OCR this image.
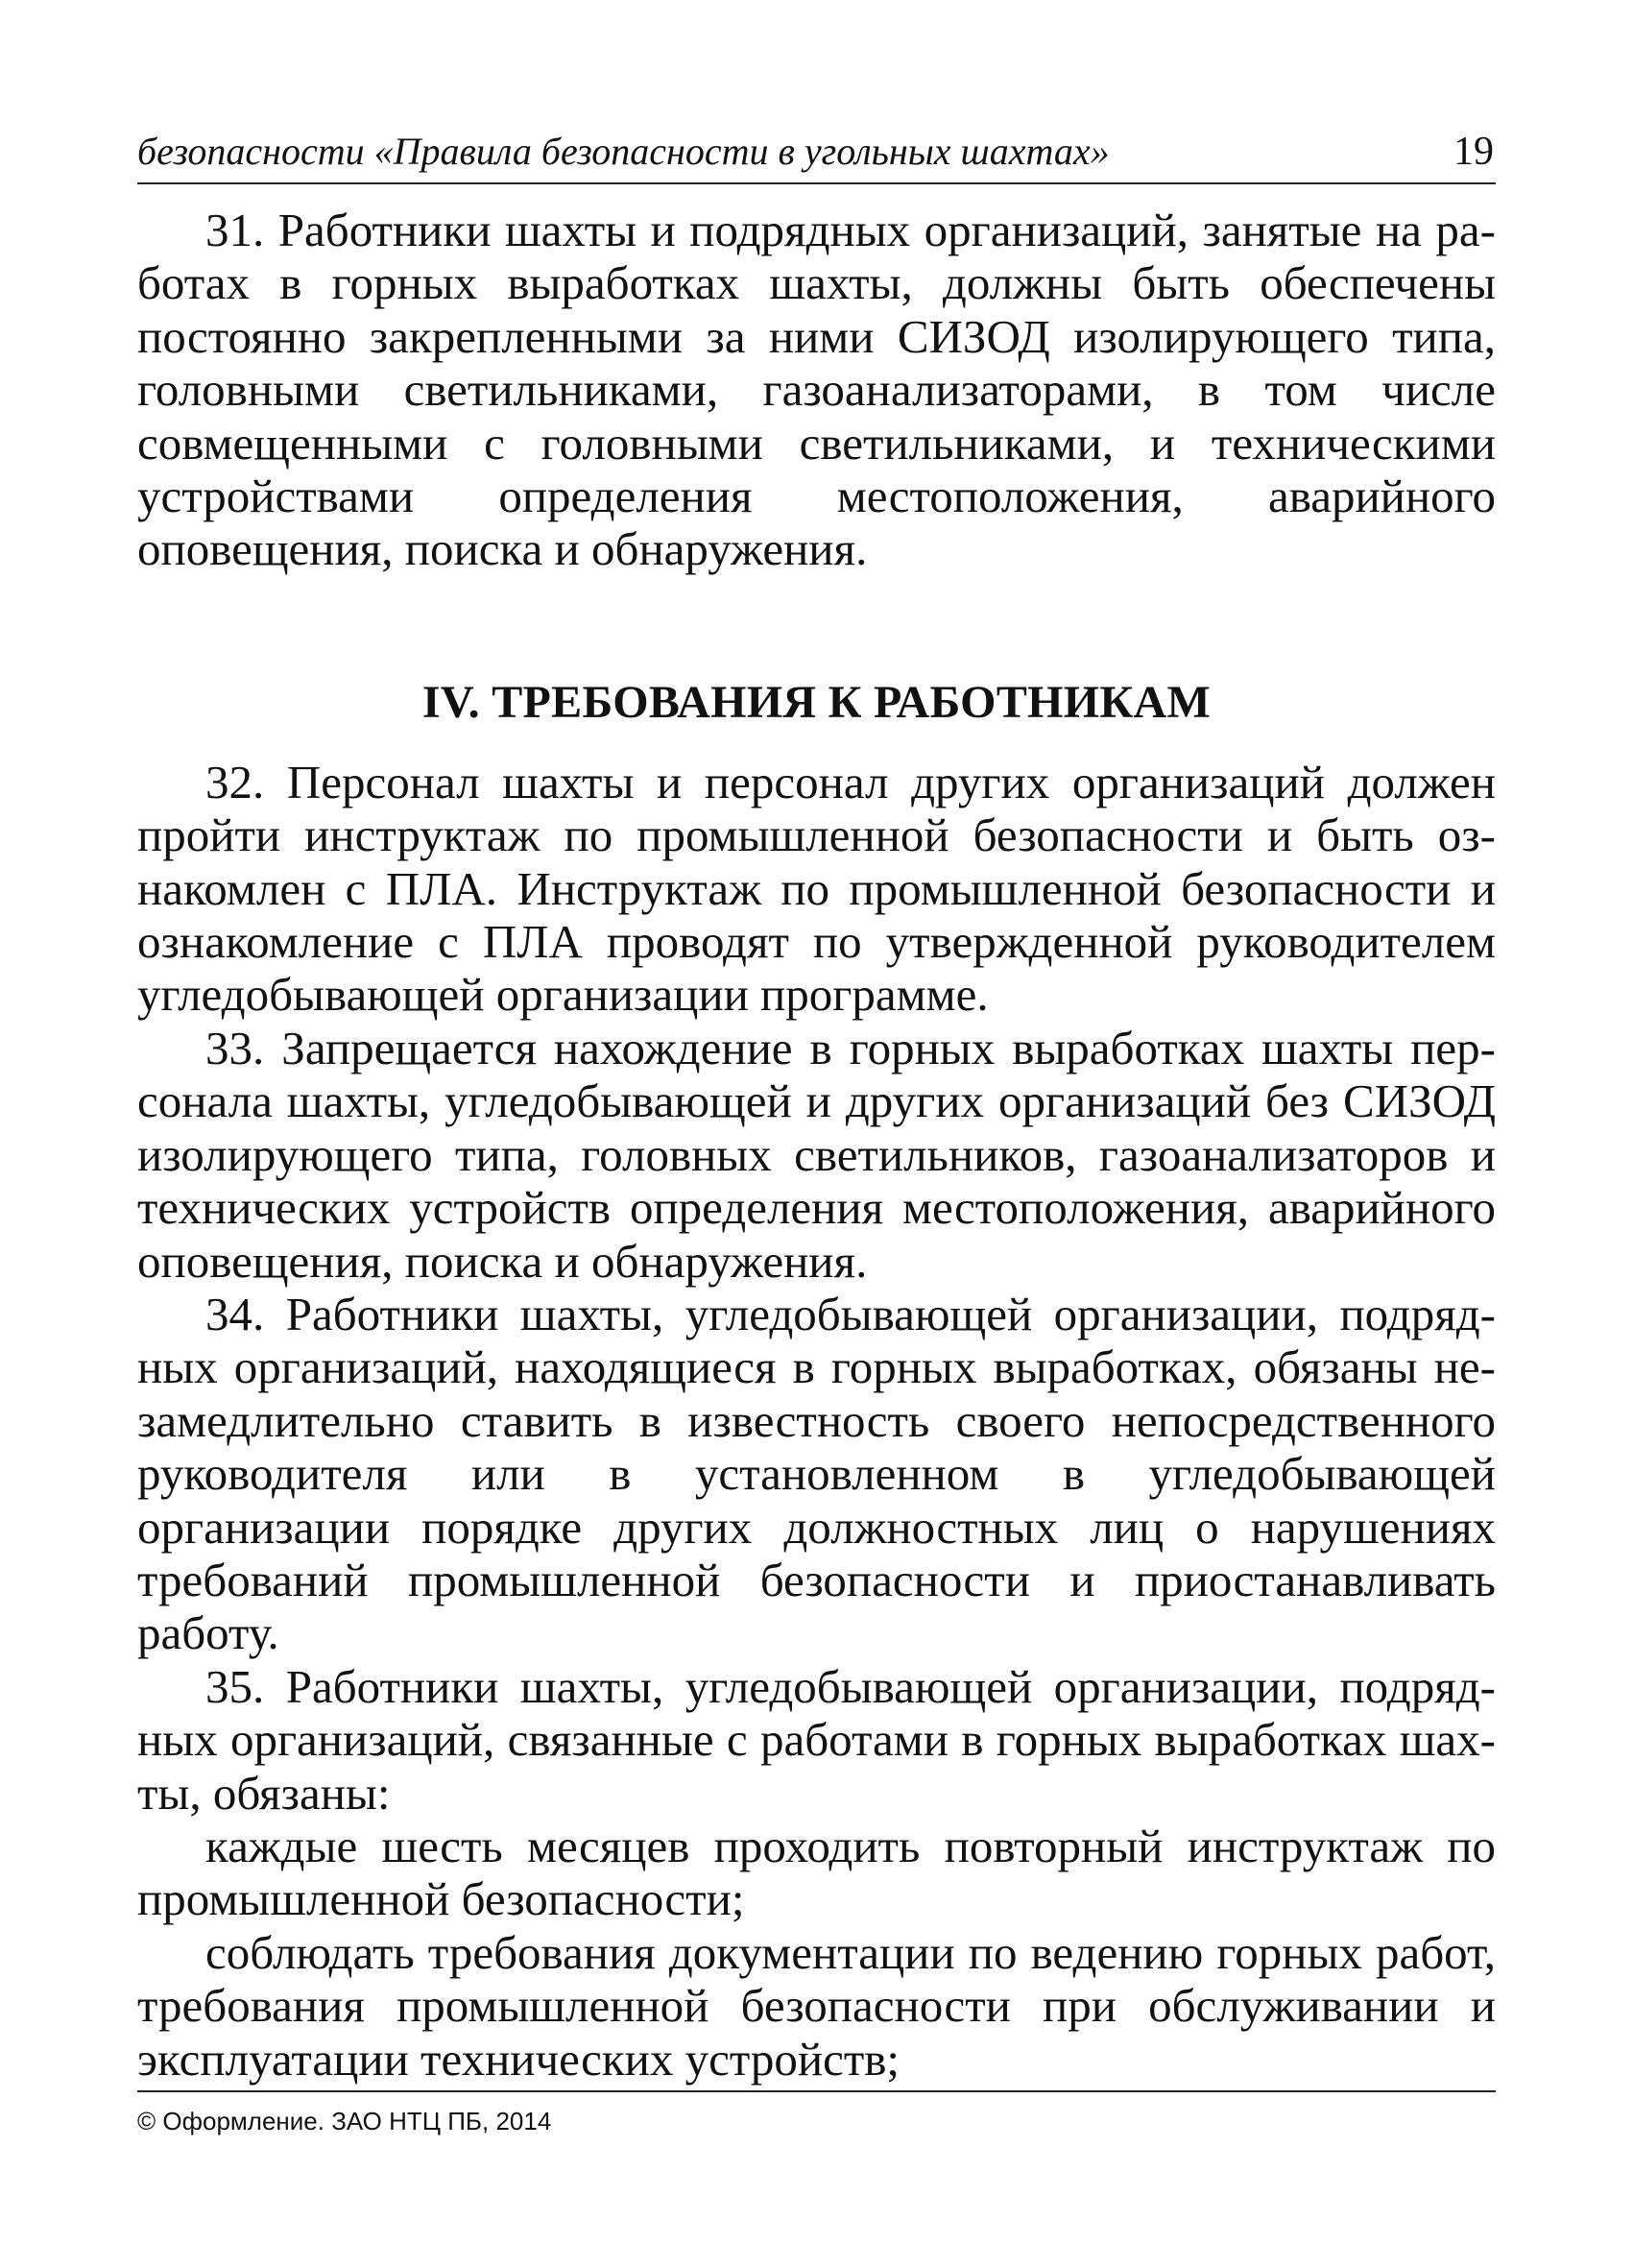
безопасности «Правила безопасности в угольных шахтах»	19

31. Работники шахты и подрядных организаций, занятые на работах в горных выработках шахты, должны быть обеспечены постоянно закрепленными за ними СИЗОД изолирующего типа, головными светильниками, газоанализаторами, в том числе совмещенными с головными светильниками, и техническими устройствами определения местоположения, аварийного оповещения, поиска и обнаружения.

IV. ТРЕБОВАНИЯ К РАБОТНИКАМ

32. Персонал шахты и персонал других организаций должен пройти инструктаж по промышленной безопасности и быть ознакомлен с ПЛА. Инструктаж по промышленной безопасности и ознакомление с ПЛА проводят по утвержденной руководителем угледобывающей организации программе.

33. Запрещается нахождение в горных выработках шахты персонала шахты, угледобывающей и других организаций без СИЗОД изолирующего типа, головных светильников, газоанализаторов и технических устройств определения местоположения, аварийного оповещения, поиска и обнаружения.

34. Работники шахты, угледобывающей организации, подрядных организаций, находящиеся в горных выработках, обязаны незамедлительно ставить в известность своего непосредственного руководителя или в установленном в угледобывающей организации порядке других должностных лиц о нарушениях требований промышленной безопасности и приостанавливать работу.

35. Работники шахты, угледобывающей организации, подрядных организаций, связанные с работами в горных выработках шахты, обязаны:

каждые шесть месяцев проходить повторный инструктаж по промышленной безопасности;

соблюдать требования документации по ведению горных работ, требования промышленной безопасности при обслуживании и эксплуатации технических устройств;

© Оформление. ЗАО НТЦ ПБ, 2014
